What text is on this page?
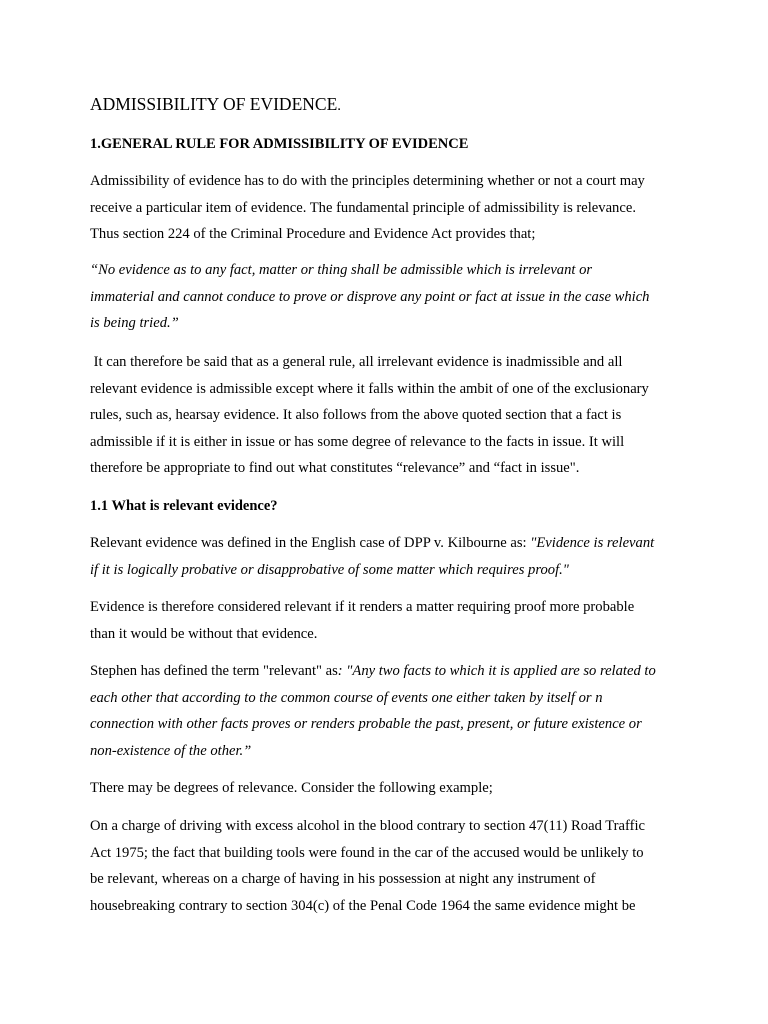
ADMISSIBILITY OF EVIDENCE.
1.GENERAL RULE FOR ADMISSIBILITY OF EVIDENCE
Admissibility of evidence has to do with the principles determining whether or not a court may
receive a particular item of evidence. The fundamental principle of admissibility is relevance.
Thus section 224 of the Criminal Procedure and Evidence Act provides that;
“No evidence as to any fact, matter or thing shall be admissible which is irrelevant or
immaterial and cannot conduce to prove or disprove any point or fact at issue in the case which
is being tried.”
It can therefore be said that as a general rule, all irrelevant evidence is inadmissible and all
relevant evidence is admissible except where it falls within the ambit of one of the exclusionary
rules, such as, hearsay evidence. It also follows from the above quoted section that a fact is
admissible if it is either in issue or has some degree of relevance to the facts in issue. It will
therefore be appropriate to find out what constitutes “relevance” and “fact in issue".
1.1 What is relevant evidence?
Relevant evidence was defined in the English case of DPP v. Kilbourne as: "Evidence is relevant
if it is logically probative or disapprobative of some matter which requires proof."
Evidence is therefore considered relevant if it renders a matter requiring proof more probable
than it would be without that evidence.
Stephen has defined the term "relevant" as: "Any two facts to which it is applied are so related to
each other that according to the common course of events one either taken by itself or n
connection with other facts proves or renders probable the past, present, or future existence or
non-existence of the other.”
There may be degrees of relevance. Consider the following example;
On a charge of driving with excess alcohol in the blood contrary to section 47(11) Road Traffic
Act 1975; the fact that building tools were found in the car of the accused would be unlikely to
be relevant, whereas on a charge of having in his possession at night any instrument of
housebreaking contrary to section 304(c) of the Penal Code 1964 the same evidence might be
